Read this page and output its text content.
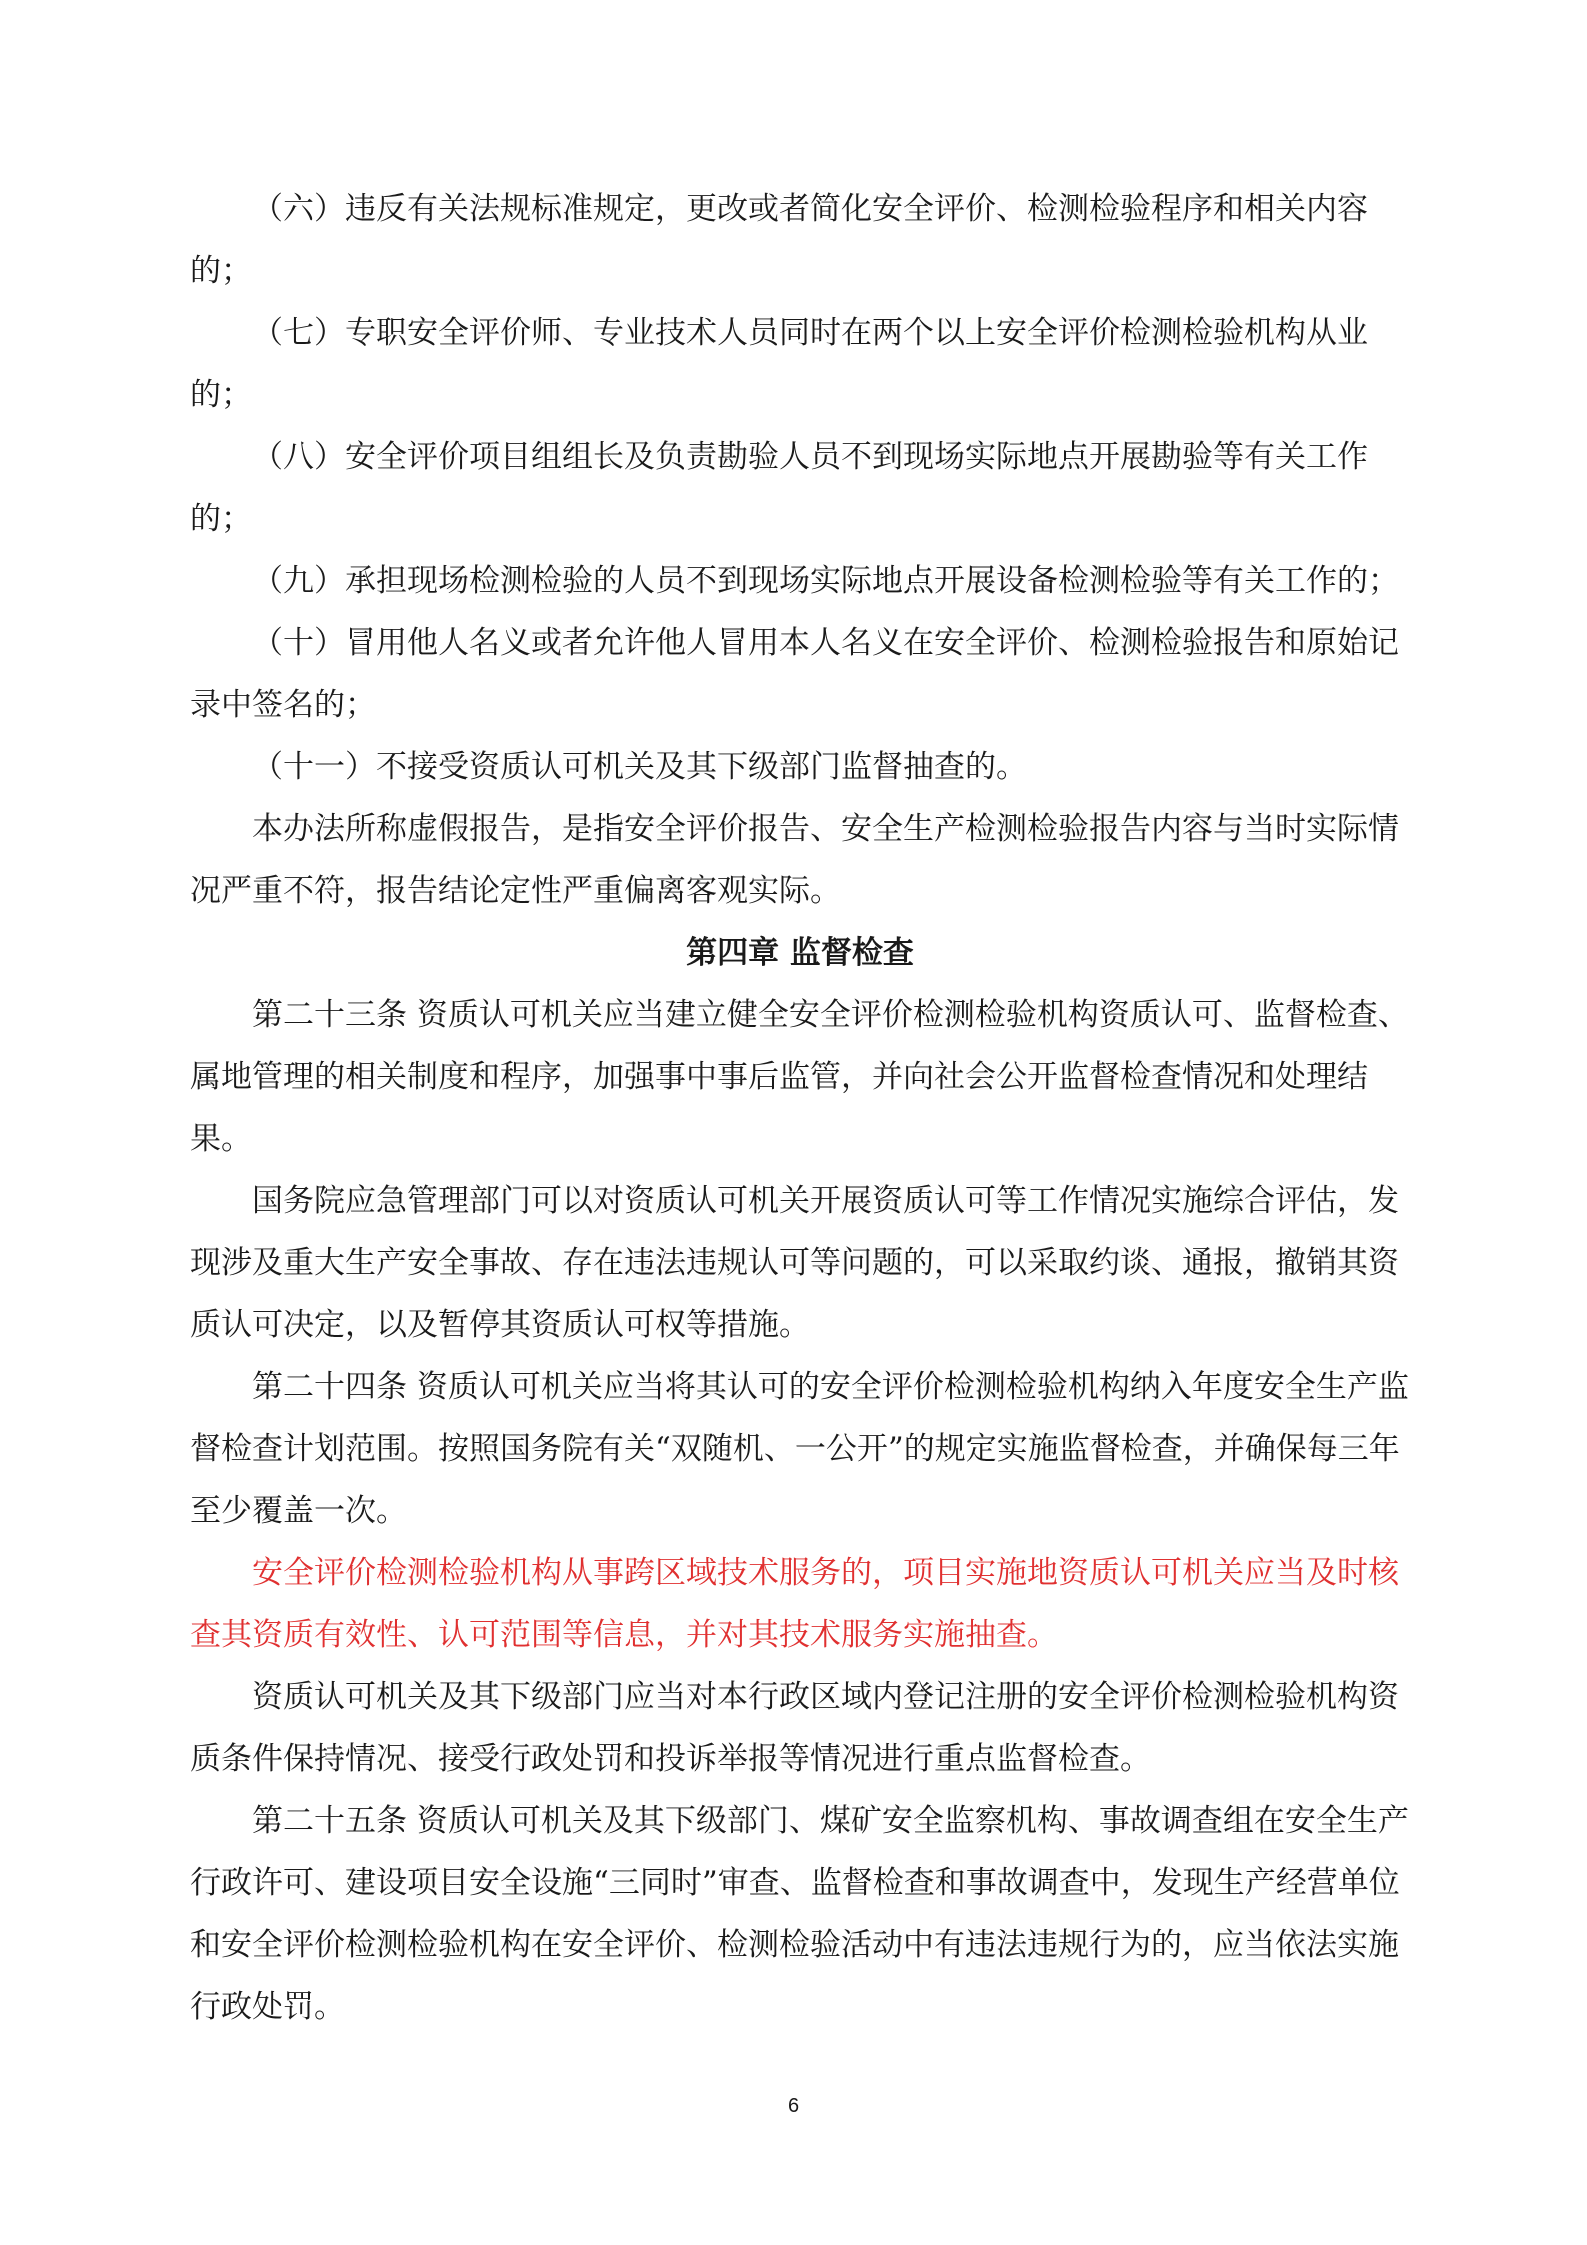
（六）违反有关法规标准规定，更改或者简化安全评价、检测检验程序和相关内容的；

（七）专职安全评价师、专业技术人员同时在两个以上安全评价检测检验机构从业的；

（八）安全评价项目组组长及负责勘验人员不到现场实际地点开展勘验等有关工作的；

（九）承担现场检测检验的人员不到现场实际地点开展设备检测检验等有关工作的；

（十）冒用他人名义或者允许他人冒用本人名义在安全评价、检测检验报告和原始记录中签名的；

（十一）不接受资质认可机关及其下级部门监督抽查的。

本办法所称虚假报告，是指安全评价报告、安全生产检测检验报告内容与当时实际情况严重不符，报告结论定性严重偏离客观实际。

第四章 监督检查

第二十三条 资质认可机关应当建立健全安全评价检测检验机构资质认可、监督检查、属地管理的相关制度和程序，加强事中事后监管，并向社会公开监督检查情况和处理结果。

国务院应急管理部门可以对资质认可机关开展资质认可等工作情况实施综合评估，发现涉及重大生产安全事故、存在违法违规认可等问题的，可以采取约谈、通报，撤销其资质认可决定，以及暂停其资质认可权等措施。

第二十四条 资质认可机关应当将其认可的安全评价检测检验机构纳入年度安全生产监督检查计划范围。按照国务院有关“双随机、一公开”的规定实施监督检查，并确保每三年至少覆盖一次。

安全评价检测检验机构从事跨区域技术服务的，项目实施地资质认可机关应当及时核查其资质有效性、认可范围等信息，并对其技术服务实施抽查。

资质认可机关及其下级部门应当对本行政区域内登记注册的安全评价检测检验机构资质条件保持情况、接受行政处罚和投诉举报等情况进行重点监督检查。

第二十五条 资质认可机关及其下级部门、煤矿安全监察机构、事故调查组在安全生产行政许可、建设项目安全设施“三同时”审查、监督检查和事故调查中，发现生产经营单位和安全评价检测检验机构在安全评价、检测检验活动中有违法违规行为的，应当依法实施行政处罚。

6
